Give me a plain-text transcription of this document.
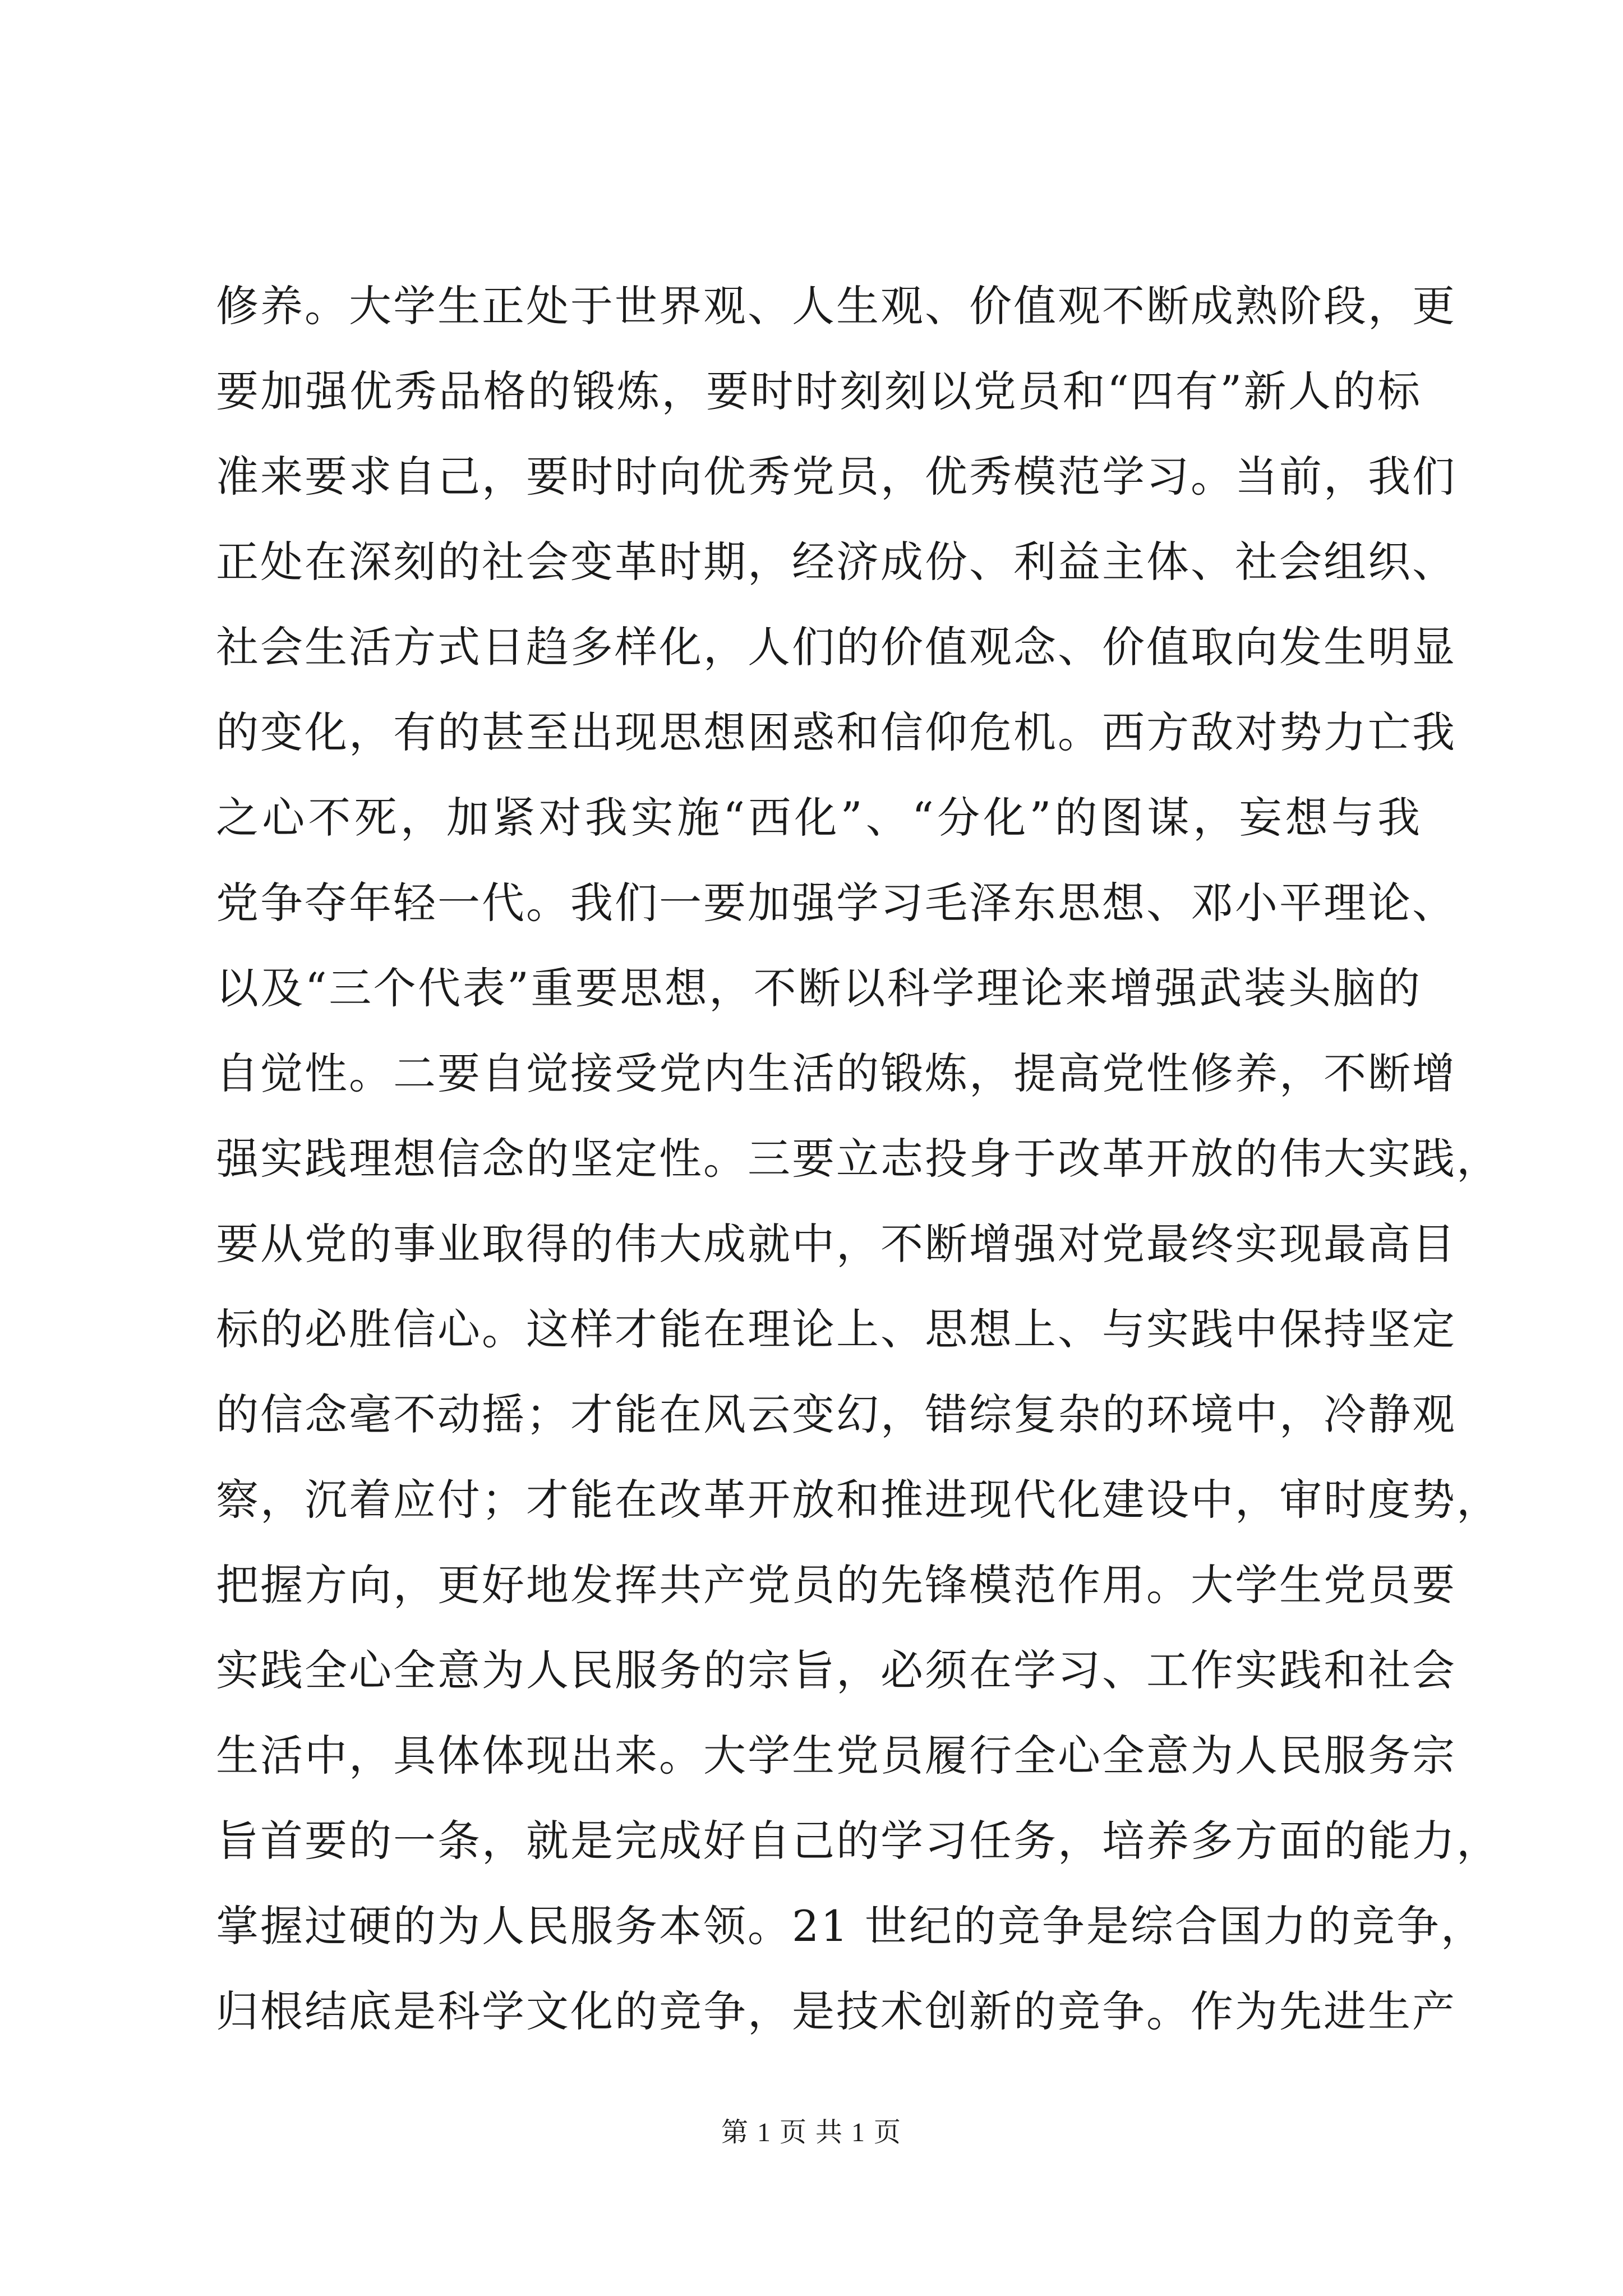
修养。大学生正处于世界观、人生观、价值观不断成熟阶段，更
要加强优秀品格的锻炼，要时时刻刻以党员和“四有”新人的标
准来要求自己，要时时向优秀党员，优秀模范学习。当前，我们
正处在深刻的社会变革时期，经济成份、利益主体、社会组织、
社会生活方式日趋多样化，人们的价值观念、价值取向发生明显
的变化，有的甚至出现思想困惑和信仰危机。西方敌对势力亡我
之心不死，加紧对我实施“西化”、“分化”的图谋，妄想与我
党争夺年轻一代。我们一要加强学习毛泽东思想、邓小平理论、
以及“三个代表”重要思想，不断以科学理论来增强武装头脑的
自觉性。二要自觉接受党内生活的锻炼，提高党性修养，不断增
强实践理想信念的坚定性。三要立志投身于改革开放的伟大实践，
要从党的事业取得的伟大成就中，不断增强对党最终实现最高目
标的必胜信心。这样才能在理论上、思想上、与实践中保持坚定
的信念毫不动摇；才能在风云变幻，错综复杂的环境中，冷静观
察，沉着应付；才能在改革开放和推进现代化建设中，审时度势，
把握方向，更好地发挥共产党员的先锋模范作用。大学生党员要
实践全心全意为人民服务的宗旨，必须在学习、工作实践和社会
生活中，具体体现出来。大学生党员履行全心全意为人民服务宗
旨首要的一条，就是完成好自己的学习任务，培养多方面的能力，
掌握过硬的为人民服务本领。21 世纪的竞争是综合国力的竞争，
归根结底是科学文化的竞争，是技术创新的竞争。作为先进生产
第 1 页 共 1 页
